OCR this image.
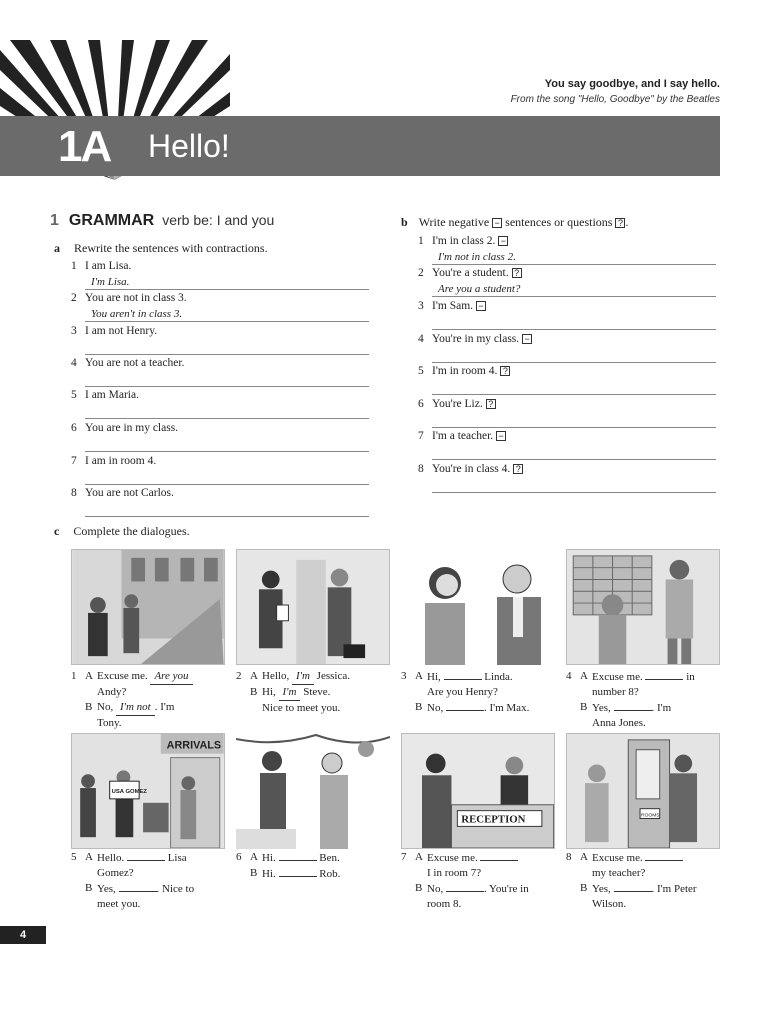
You say goodbye, and I say hello.
From the song "Hello, Goodbye" by the Beatles
1A Hello!
1 GRAMMAR verb be: I and you
a Rewrite the sentences with contractions.
1 I am Lisa.
I'm Lisa.
2 You are not in class 3.
You aren't in class 3.
3 I am not Henry.
4 You are not a teacher.
5 I am Maria.
6 You are in my class.
7 I am in room 4.
8 You are not Carlos.
b Write negative − sentences or questions ? .
1 I'm in class 2. −
I'm not in class 2.
2 You're a student. ?
Are you a student?
3 I'm Sam. −
4 You're in my class. −
5 I'm in room 4. ?
6 You're Liz. ?
7 I'm a teacher. −
8 You're in class 4. ?
c Complete the dialogues.
ARRIVALS
USA GOMEZ
RECEPTION	ROOMS
1 A Excuse me. Are you
Andy?
B No, I'm not . I'm
Tony.
2 A Hello, I'm Jessica.
B Hi, I'm Steve.
Nice to meet you.
3 A Hi,	Linda.
Are you Henry?
B No,	. I'm Max.
4 A Excuse me.	in
number 8?
B Yes,	. I'm
Anna Jones.
5 A Hello.	Lisa
Gomez?
B Yes,	. Nice to
meet you.
6 A Hi.	Ben.
B Hi.	Rob.
7 A Excuse me.
I in room 7?
B No,	. You're in
room 8.
8 A Excuse me.
my teacher?
B Yes,	. I'm Peter
Wilson.
4
